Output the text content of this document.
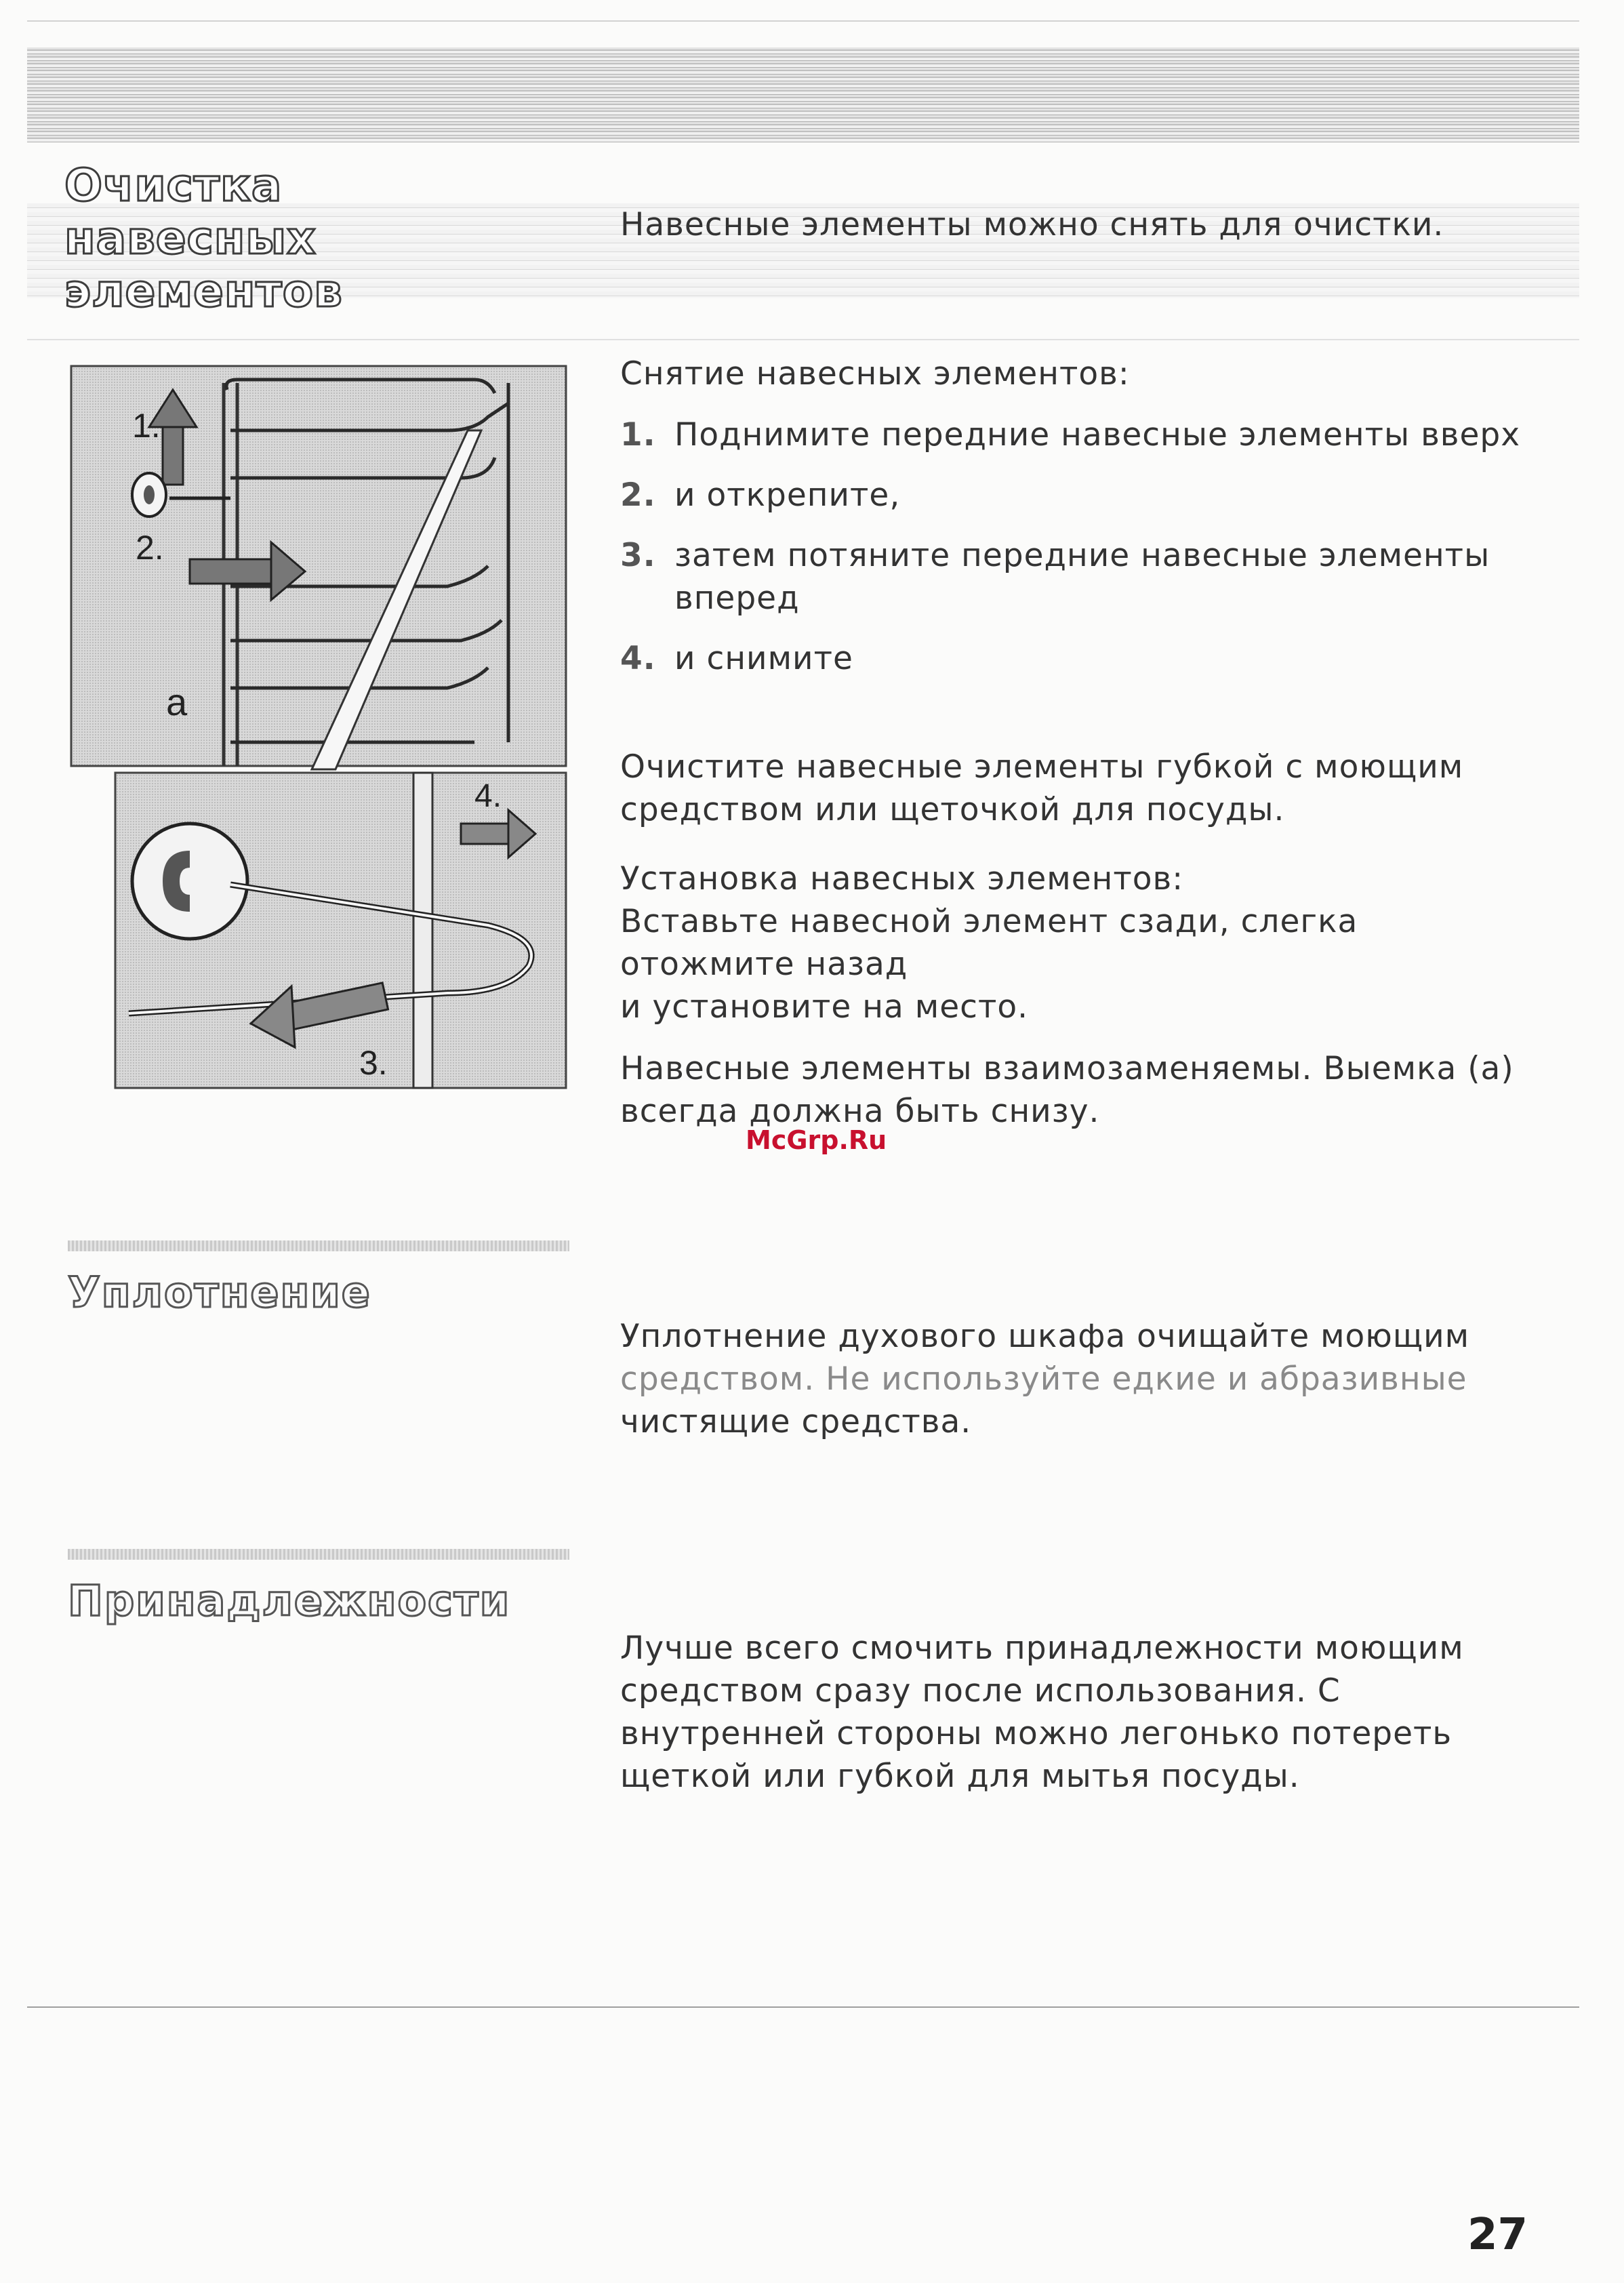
Очистка
навесных
элементов
Навесные элементы можно снять для очистки.
1.
2.
a
4.
3.
Снятие навесных элементов:
1. Поднимите передние навесные элементы вверх
2. и открепите,
3. затем потяните передние навесные элементы
вперед
4. и снимите
Очистите навесные элементы губкой с моющим
средством или щеточкой для посуды.
Установка навесных элементов:
Вставьте навесной элемент сзади, слегка
отожмите назад
и установите на место.
Навесные элементы взаимозаменяемы. Выемка (а)
всегда должна быть снизу.
McGrp.Ru
Уплотнение
Уплотнение духового шкафа очищайте моющим
средством. Не используйте едкие и абразивные
чистящие средства.
Принадлежности
Лучше всего смочить принадлежности моющим
средством сразу после использования. С
внутренней стороны можно легонько потереть
щеткой или губкой для мытья посуды.
27
